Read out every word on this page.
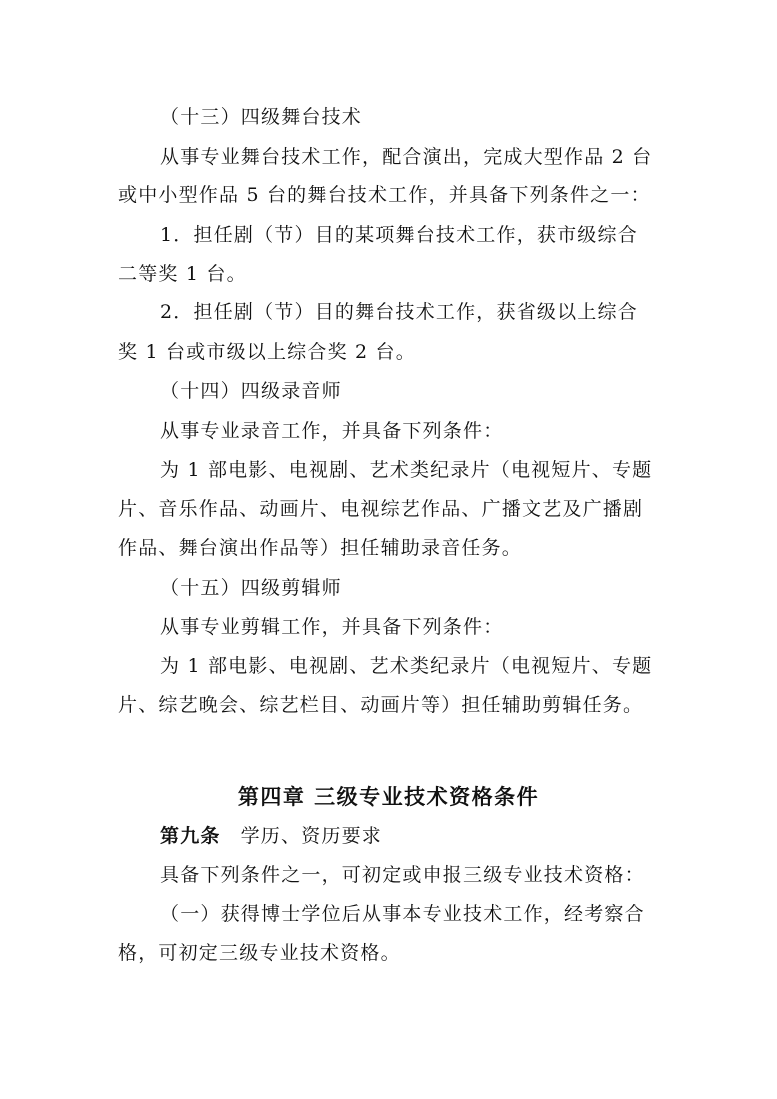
（十三）四级舞台技术
从事专业舞台技术工作，配合演出，完成大型作品 2 台
或中小型作品 5 台的舞台技术工作，并具备下列条件之一：
1．担任剧（节）目的某项舞台技术工作，获市级综合
二等奖 1 台。
2．担任剧（节）目的舞台技术工作，获省级以上综合
奖 1 台或市级以上综合奖 2 台。
（十四）四级录音师
从事专业录音工作，并具备下列条件：
为 1 部电影、电视剧、艺术类纪录片（电视短片、专题
片、音乐作品、动画片、电视综艺作品、广播文艺及广播剧
作品、舞台演出作品等）担任辅助录音任务。
（十五）四级剪辑师
从事专业剪辑工作，并具备下列条件：
为 1 部电影、电视剧、艺术类纪录片（电视短片、专题
片、综艺晚会、综艺栏目、动画片等）担任辅助剪辑任务。
第四章 三级专业技术资格条件
第九条 学历、资历要求
具备下列条件之一，可初定或申报三级专业技术资格：
（一）获得博士学位后从事本专业技术工作，经考察合
格，可初定三级专业技术资格。
